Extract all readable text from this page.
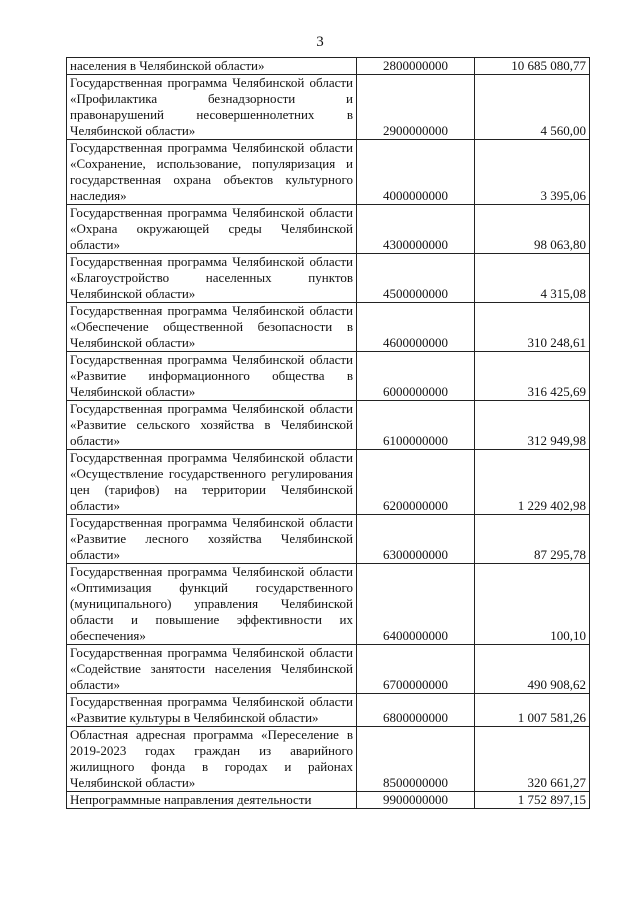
3
населения в Челябинской области»	2800000000	10 685 080,77
Государственная программа Челябинской области «Профилактика безнадзорности и правонарушений несовершеннолетних в Челябинской области»	2900000000	4 560,00
Государственная программа Челябинской области «Сохранение, использование, популяризация и государственная охрана объектов культурного наследия»	4000000000	3 395,06
Государственная программа Челябинской области «Охрана окружающей среды Челябинской области»	4300000000	98 063,80
Государственная программа Челябинской области «Благоустройство населенных пунктов Челябинской области»	4500000000	4 315,08
Государственная программа Челябинской области «Обеспечение общественной безопасности в Челябинской области»	4600000000	310 248,61
Государственная программа Челябинской области «Развитие информационного общества в Челябинской области»	6000000000	316 425,69
Государственная программа Челябинской области «Развитие сельского хозяйства в Челябинской области»	6100000000	312 949,98
Государственная программа Челябинской области «Осуществление государственного регулирования цен (тарифов) на территории Челябинской области»	6200000000	1 229 402,98
Государственная программа Челябинской области «Развитие лесного хозяйства Челябинской области»	6300000000	87 295,78
Государственная программа Челябинской области «Оптимизация функций государственного (муниципального) управления Челябинской области и повышение эффективности их обеспечения»	6400000000	100,10
Государственная программа Челябинской области «Содействие занятости населения Челябинской области»	6700000000	490 908,62
Государственная программа Челябинской области «Развитие культуры в Челябинской области»	6800000000	1 007 581,26
Областная адресная программа «Переселение в 2019-2023 годах граждан из аварийного жилищного фонда в городах и районах Челябинской области»	8500000000	320 661,27
Непрограммные направления деятельности	9900000000	1 752 897,15
